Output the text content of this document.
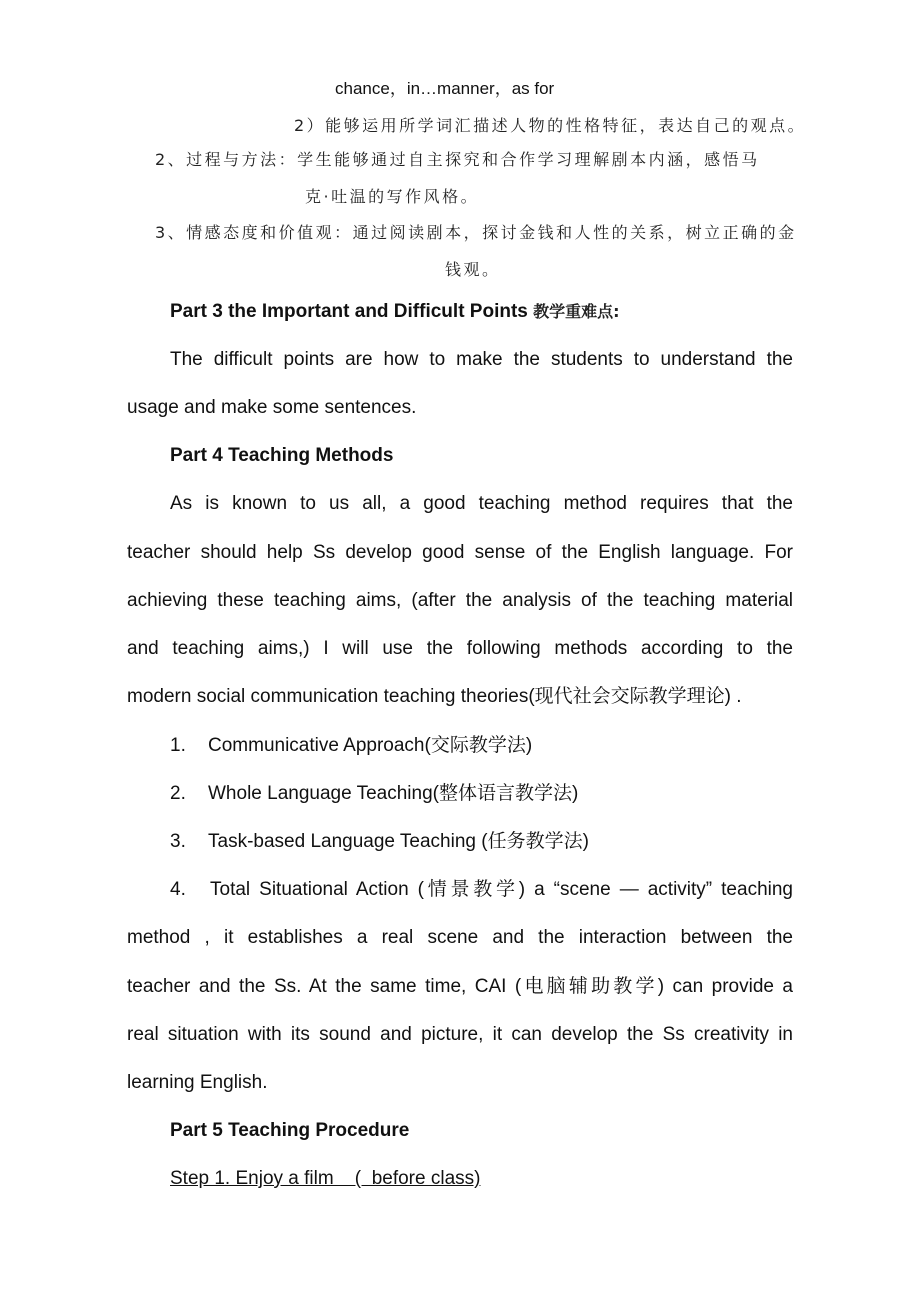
chance，in…manner，as for
2）能够运用所学词汇描述人物的性格特征，表达自己的观点。
2、过程与方法：学生能够通过自主探究和合作学习理解剧本内涵，感悟马
克·吐温的写作风格。
3、情感态度和价值观：通过阅读剧本，探讨金钱和人性的关系，树立正确的金
钱观。
Part 3 the Important and Difficult Points 教学重难点:
The difficult points are how to make the students to understand the
usage and make some sentences.
Part 4 Teaching Methods
As is known to us all, a good teaching method requires that the
teacher should help Ss develop good sense of the English language. For
achieving these teaching aims, (after the analysis of the teaching material
and teaching aims,) I will use the following methods according to the
modern social communication teaching theories(现代社会交际教学理论) .
1. Communicative Approach(交际教学法)
2. Whole Language Teaching(整体语言教学法)
3. Task-based Language Teaching (任务教学法)
4.	Total Situational Action (情景教学) a “scene — activity” teaching
method , it establishes a real scene and the interaction between the
teacher and the Ss. At the same time, CAI (电脑辅助教学) can provide a
real situation with its sound and picture, it can develop the Ss creativity in
learning English.
Part 5 Teaching Procedure
Step 1. Enjoy a film    (  before class)
